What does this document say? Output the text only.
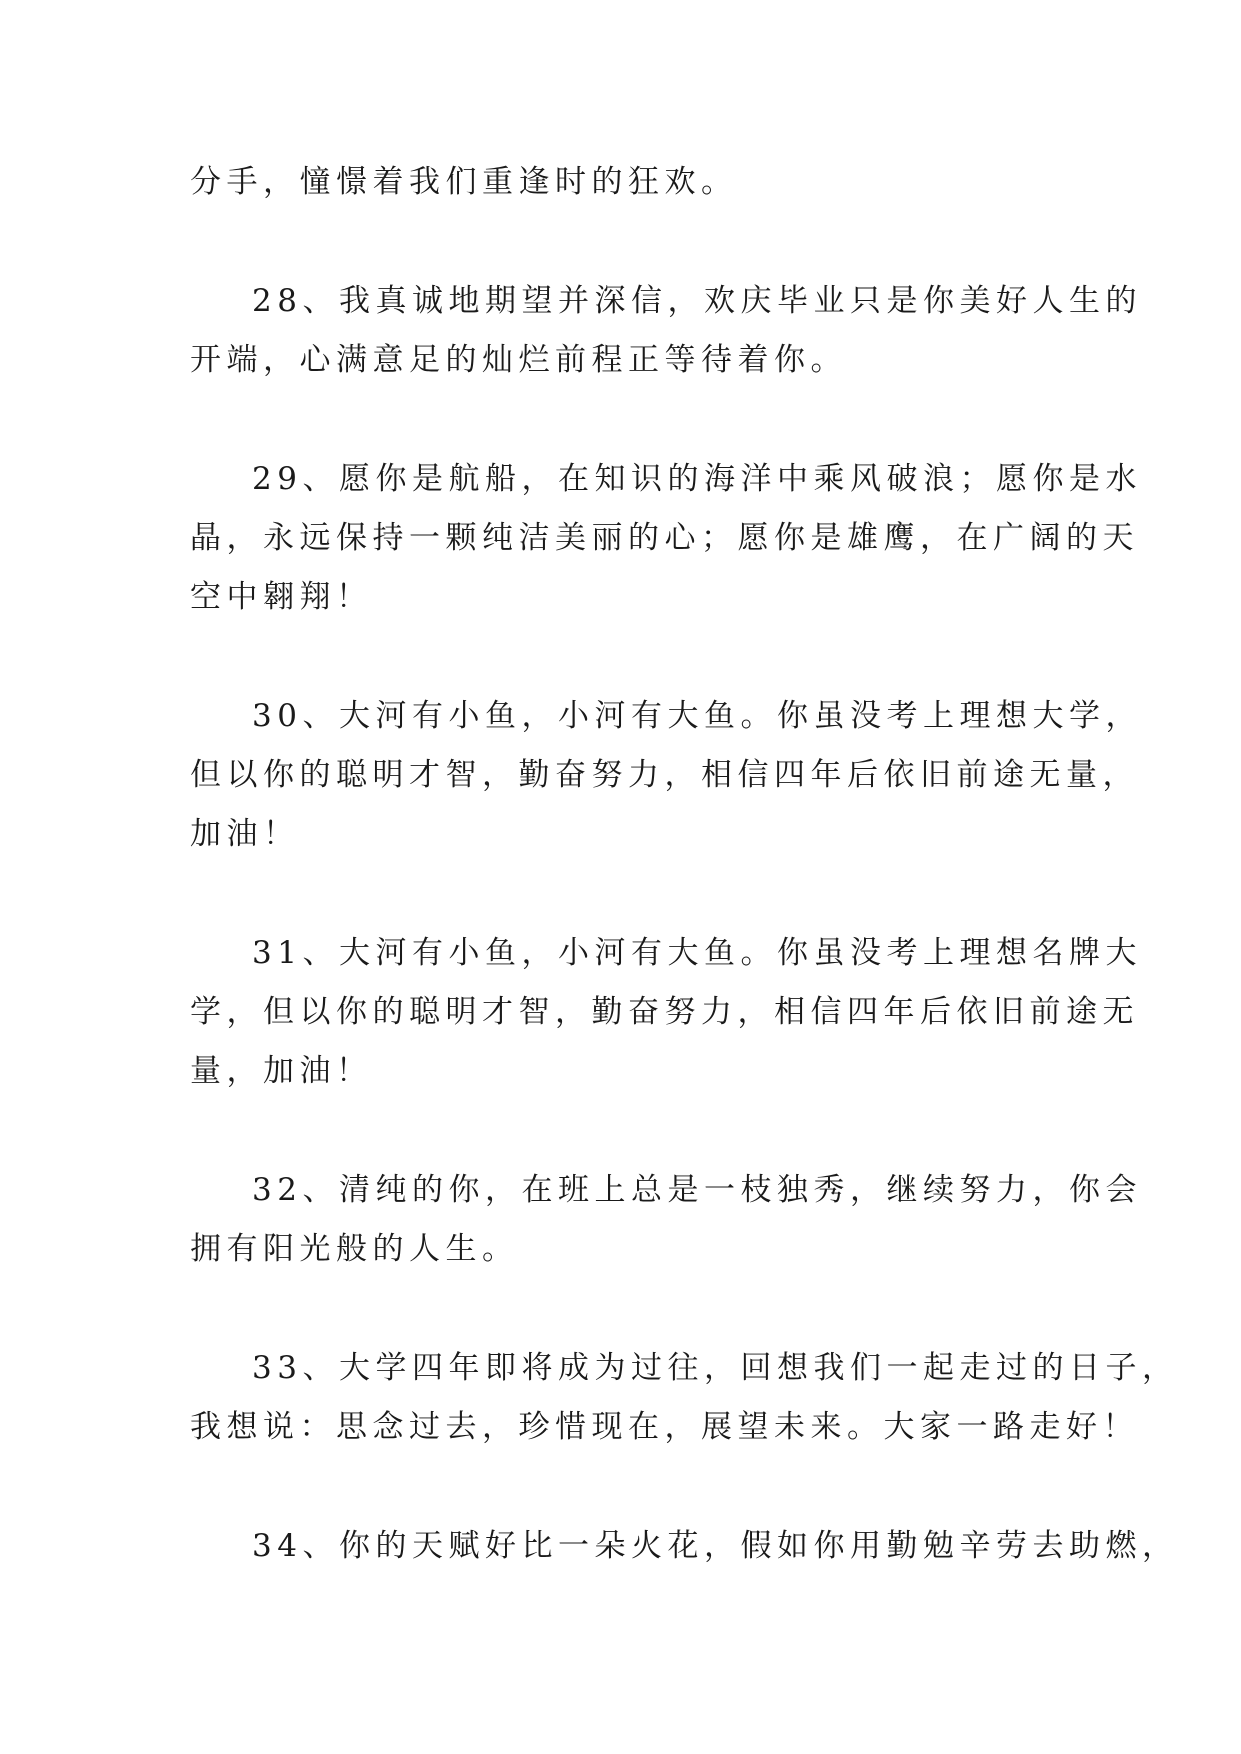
分手，憧憬着我们重逢时的狂欢。

28、我真诚地期望并深信，欢庆毕业只是你美好人生的

开端，心满意足的灿烂前程正等待着你。

29、愿你是航船，在知识的海洋中乘风破浪；愿你是水

晶，永远保持一颗纯洁美丽的心；愿你是雄鹰，在广阔的天

空中翱翔！

30、大河有小鱼，小河有大鱼。你虽没考上理想大学，

但以你的聪明才智，勤奋努力，相信四年后依旧前途无量，

加油！

31、大河有小鱼，小河有大鱼。你虽没考上理想名牌大

学，但以你的聪明才智，勤奋努力，相信四年后依旧前途无

量，加油！

32、清纯的你，在班上总是一枝独秀，继续努力，你会

拥有阳光般的人生。

33、大学四年即将成为过往，回想我们一起走过的日子，

我想说：思念过去，珍惜现在，展望未来。大家一路走好！

34、你的天赋好比一朵火花，假如你用勤勉辛劳去助燃，
